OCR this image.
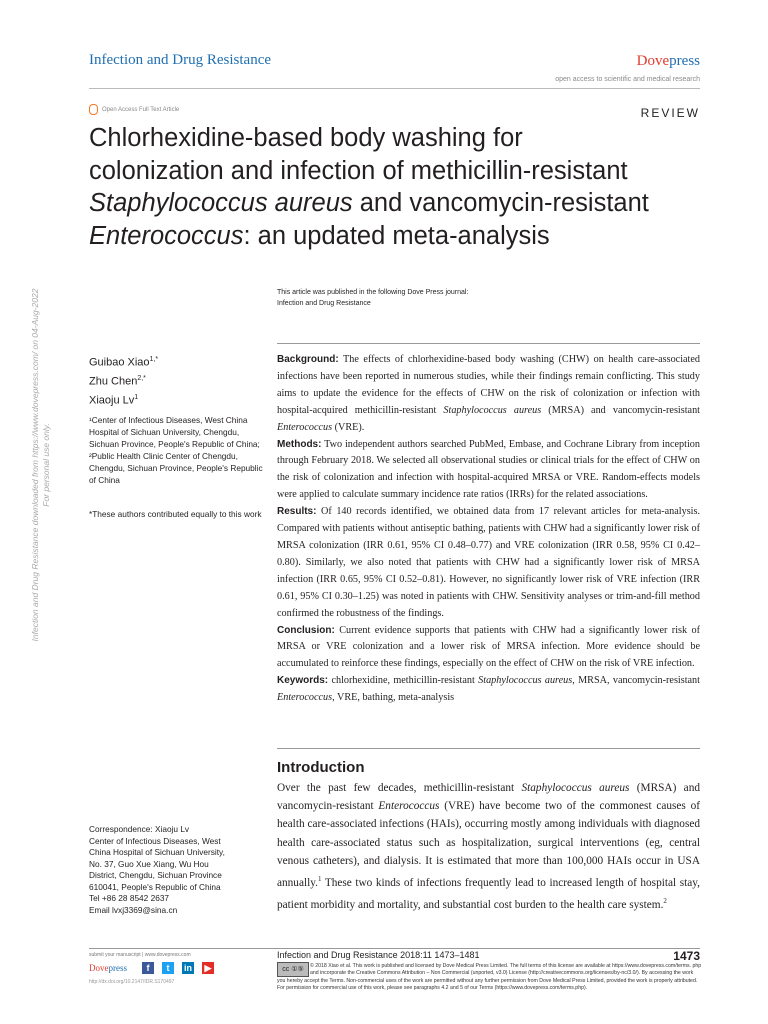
Infection and Drug Resistance	Dovepress
open access to scientific and medical research
Open Access Full Text Article	REVIEW
Chlorhexidine-based body washing for
colonization and infection of methicillin-resistant
Staphylococcus aureus and vancomycin-resistant
Enterococcus: an updated meta-analysis
This article was published in the following Dove Press journal:
Infection and Drug Resistance
Guibao Xiao$^{1,*}$
Zhu Chen$^{2,*}$
Xiaoju Lv$^1$
¹Center of Infectious Diseases, West China Hospital of Sichuan University, Chengdu, Sichuan Province, People's Republic of China; ²Public Health Clinic Center of Chengdu, Chengdu, Sichuan Province, People's Republic of China
*These authors contributed equally to this work
Background: The effects of chlorhexidine-based body washing (CHW) on health care-associated infections have been reported in numerous studies, while their findings remain conflicting. This study aims to update the evidence for the effects of CHW on the risk of colonization or infection with hospital-acquired methicillin-resistant Staphylococcus aureus (MRSA) and vancomycin-resistant Enterococcus (VRE).
Methods: Two independent authors searched PubMed, Embase, and Cochrane Library from inception through February 2018. We selected all observational studies or clinical trials for the effect of CHW on the risk of colonization and infection with hospital-acquired MRSA or VRE. Random-effects models were applied to calculate summary incidence rate ratios (IRRs) for the related associations.
Results: Of 140 records identified, we obtained data from 17 relevant articles for meta-analysis. Compared with patients without antiseptic bathing, patients with CHW had a significantly lower risk of MRSA colonization (IRR 0.61, 95% CI 0.48–0.77) and VRE colonization (IRR 0.58, 95% CI 0.42–0.80). Similarly, we also noted that patients with CHW had a significantly lower risk of MRSA infection (IRR 0.65, 95% CI 0.52–0.81). However, no significantly lower risk of VRE infection (IRR 0.61, 95% CI 0.30–1.25) was noted in patients with CHW. Sensitivity analyses or trim-and-fill method confirmed the robustness of the findings.
Conclusion: Current evidence supports that patients with CHW had a significantly lower risk of MRSA or VRE colonization and a lower risk of MRSA infection. More evidence should be accumulated to reinforce these findings, especially on the effect of CHW on the risk of VRE infection.
Keywords: chlorhexidine, methicillin-resistant Staphylococcus aureus, MRSA, vancomycin-resistant Enterococcus, VRE, bathing, meta-analysis
Introduction
Over the past few decades, methicillin-resistant Staphylococcus aureus (MRSA) and vancomycin-resistant Enterococcus (VRE) have become two of the commonest causes of health care-associated infections (HAIs), occurring mostly among individuals with diagnosed health care-associated status such as hospitalization, surgical interventions (eg, central venous catheters), and dialysis. It is estimated that more than 100,000 HAIs occur in USA annually.$^1$ These two kinds of infections frequently lead to increased length of hospital stay, patient morbidity and mortality, and substantial cost burden to the health care system.$^2$
Correspondence: Xiaoju Lv
Center of Infectious Diseases, West
China Hospital of Sichuan University,
No. 37, Guo Xue Xiang, Wu Hou
District, Chengdu, Sichuan Province
610041, People's Republic of China
Tel +86 28 8542 2637
Email lvxj3369@sina.cn
Infection and Drug Resistance downloaded from https://www.dovepress.com/ on 04-Aug-2022 For personal use only.
submit your manuscript | www.dovepress.com
Dovepress	f	t	in ▶
http://dx.doi.org/10.2147/IDR.S170497
Infection and Drug Resistance 2018:11 1473–1481	1473
cc ①⑤	© 2018 Xiao et al. This work is published and licensed by Dove Medical Press Limited. The full terms of this license are available at https://www.dovepress.com/terms. php and incorporate the Creative Commons Attribution – Non Commercial (unported, v3.0) License (http://creativecommons.org/licenses/by-nc/3.0/). By accessing the work
you hereby accept the Terms. Non-commercial uses of the work are permitted without any further permission from Dove Medical Press Limited, provided the work is properly attributed. For permission for commercial use of this work, please see paragraphs 4.2 and 5 of our Terms (https://www.dovepress.com/terms.php).
